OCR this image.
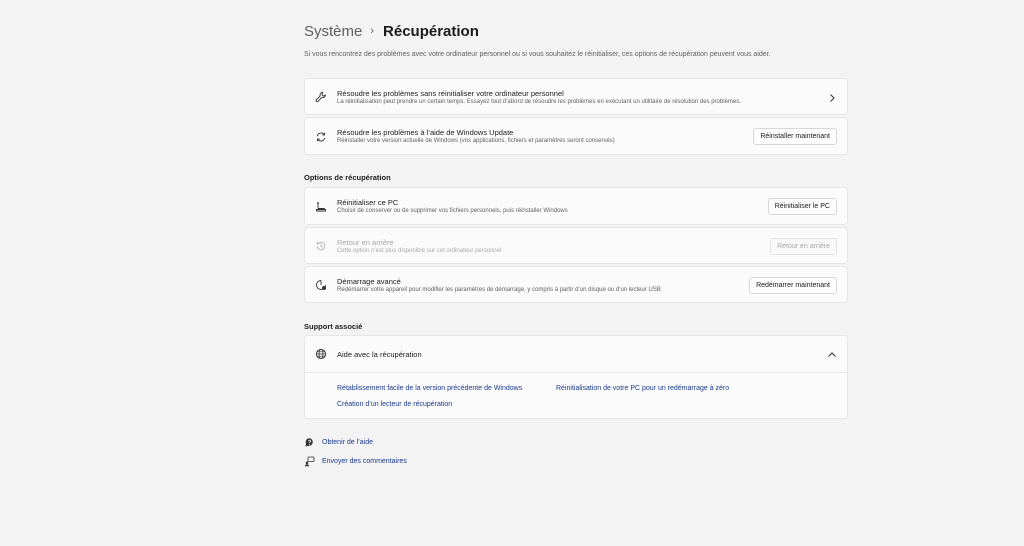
Système › Récupération
Si vous rencontrez des problèmes avec votre ordinateur personnel ou si vous souhaitez le réinitialiser, ces options de récupération peuvent vous aider.
Résoudre les problèmes sans réinitialiser votre ordinateur personnel
La réinitialisation peut prendre un certain temps. Essayez tout d’abord de résoudre les problèmes en exécutant un utilitaire de résolution des problèmes.
Résoudre les problèmes à l’aide de Windows Update
Réinstaller votre version actuelle de Windows (vos applications, fichiers et paramètres seront conservés)
Réinstaller maintenant
Options de récupération
Réinitialiser ce PC
Choisir de conserver ou de supprimer vos fichiers personnels, puis réinstaller Windows
Réinitialiser le PC
Retour en arrière
Cette option n’est plus disponible sur cet ordinateur personnel
Retour en arrière
Démarrage avancé
Redémarrer votre appareil pour modifier les paramètres de démarrage, y compris à partir d’un disque ou d’un lecteur USB
Redémarrer maintenant
Support associé
Aide avec la récupération
Rétablissement facile de la version précédente de Windows	Réinitialisation de votre PC pour un redémarrage à zéro
Création d’un lecteur de récupération
Obtenir de l’aide
Envoyer des commentaires
